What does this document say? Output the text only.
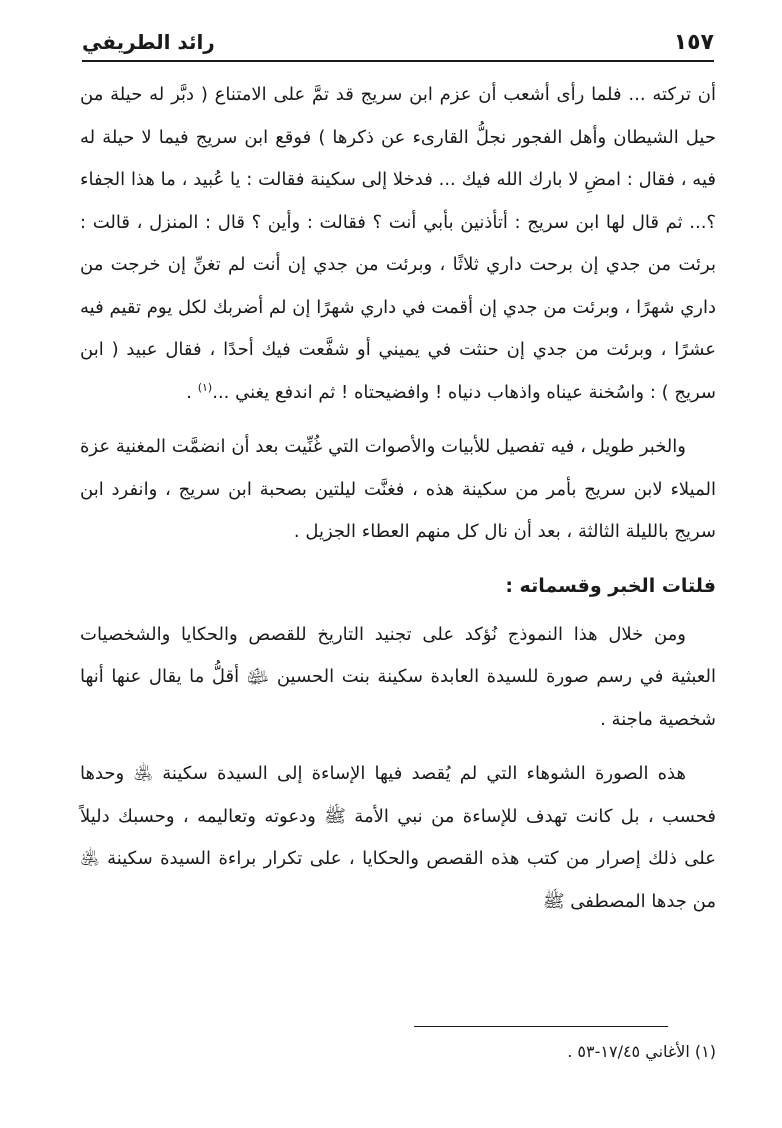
١٥٧
رائد الطريفي

أن تركته ... فلما رأى أشعب أن عزم ابن سريج قد تمَّ على الامتناع ( دبَّر له حيلة من حيل الشيطان وأهل الفجور نجلُّ القارىء عن ذكرها ) فوقع ابن سريج فيما لا حيلة له فيه ، فقال : امضِ لا بارك الله فيك ... فدخلا إلى سكينة فقالت : يا عُبيد ، ما هذا الجفاء ؟... ثم قال لها ابن سريج : أتأذنين بأبي أنت ؟ فقالت : وأين ؟ قال : المنزل ، قالت : برئت من جدي إن برحت داري ثلاثًا ، وبرئت من جدي إن أنت لم تغنِّ إن خرجت من داري شهرًا ، وبرئت من جدي إن أقمت في داري شهرًا إن لم أضربك لكل يوم تقيم فيه عشرًا ، وبرئت من جدي إن حنثت في يميني أو شفَّعت فيك أحدًا ، فقال عبيد ( ابن سريج ) : واسُخنة عيناه واذهاب دنياه ! وافضيحتاه ! ثم اندفع يغني ...$^{(١)}$ .

والخبر طويل ، فيه تفصيل للأبيات والأصوات التي غُنِّيت بعد أن انضمَّت المغنية عزة الميلاء لابن سريج بأمر من سكينة هذه ، فغنَّت ليلتين بصحبة ابن سريج ، وانفرد ابن سريج بالليلة الثالثة ، بعد أن نال كل منهم العطاء الجزيل .

فلتات الخبر وقسماته :

ومن خلال هذا النموذج نُؤكد على تجنيد التاريخ للقصص والحكايا والشخصيات العبثية في رسم صورة للسيدة العابدة سكينة بنت الحسين ﵉ أقلُّ ما يقال عنها أنها شخصية ماجنة .

هذه الصورة الشوهاء التي لم يُقصد فيها الإساءة إلى السيدة سكينة ﵁ وحدها فحسب ، بل كانت تهدف للإساءة من نبي الأمة ﷺ ودعوته وتعاليمه ، وحسبك دليلاً على ذلك إصرار من كتب هذه القصص والحكايا ، على تكرار براءة السيدة سكينة ﵁ من جدها المصطفى ﷺ

(١) الأغاني ١٧/٤٥-٥٣ .
